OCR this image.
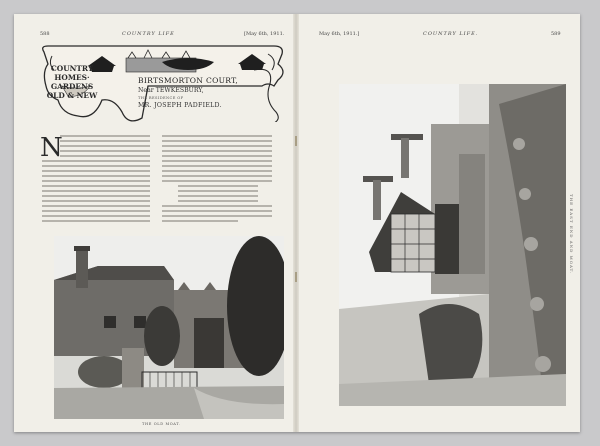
588	COUNTRY LIFE	[May 6th, 1911.
COUNTRY
HOMES·
GARDENS
OLD & NEW
BIRTSMORTON COURT,
Near TEWKESBURY,
THE RESIDENCE OF
MR. JOSEPH PADFIELD.
N
THE OLD MOAT.
May 6th, 1911.]	COUNTRY LIFE.	589
THE EAST END AND MOAT.
